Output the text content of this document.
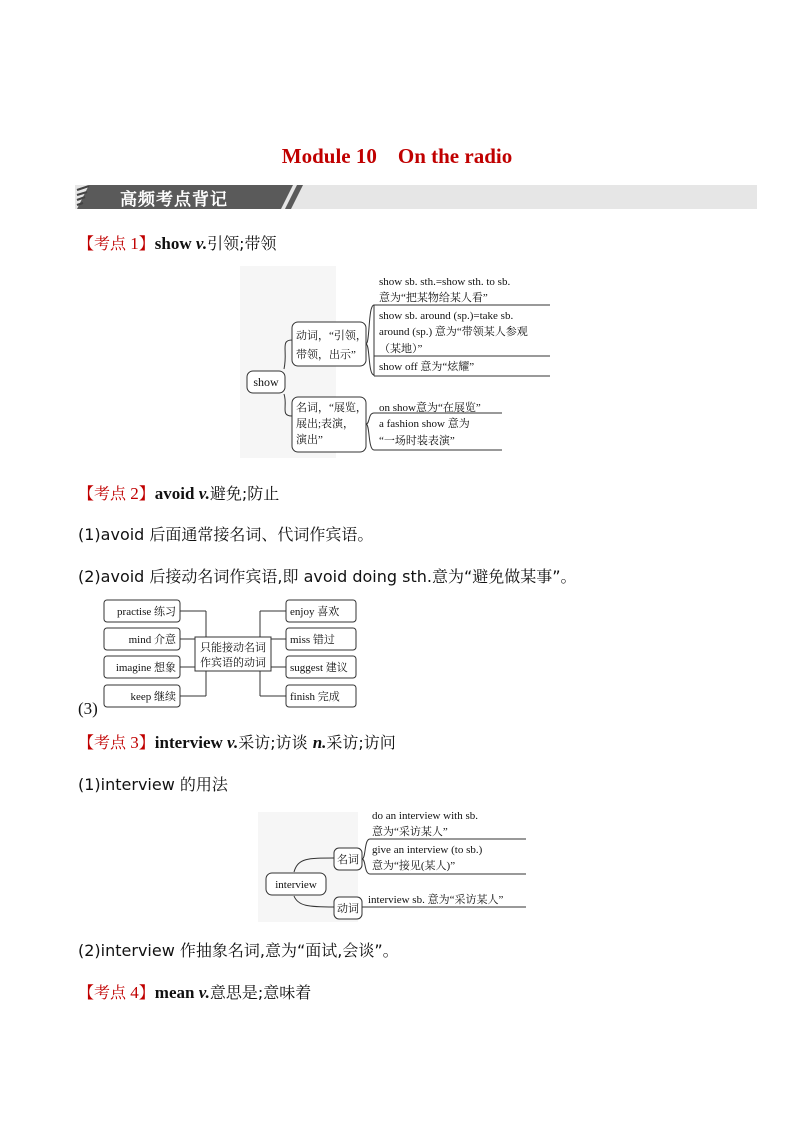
Module 10    On the radio
高频考点背记
【考点 1】show v.引领;带领
show
动词，“引领，
带领，出示”
名词，“展览，
展出;表演，
演出”
show sb. sth.=show sth. to sb.
意为“把某物给某人看”
show sb. around (sp.)=take sb.
around (sp.) 意为“带领某人参观
（某地）”
show off 意为“炫耀”
on show意为“在展览”
a fashion show 意为
“一场时装表演”
【考点 2】avoid v.避免;防止
(1)avoid 后面通常接名词、代词作宾语。
(2)avoid 后接动名词作宾语,即 avoid doing sth.意为“避免做某事”。
(3)
只能接动名词
作宾语的动词
practise 练习
mind 介意
imagine 想象
keep 继续
enjoy 喜欢
miss 错过
suggest 建议
finish 完成
【考点 3】interview v.采访;访谈 n.采访;访问
(1)interview 的用法
interview
名词
动词
do an interview with sb.
意为“采访某人”
give an interview (to sb.)
意为“接见(某人)”
interview sb. 意为“采访某人”
(2)interview 作抽象名词,意为“面试,会谈”。
【考点 4】mean v.意思是;意味着
